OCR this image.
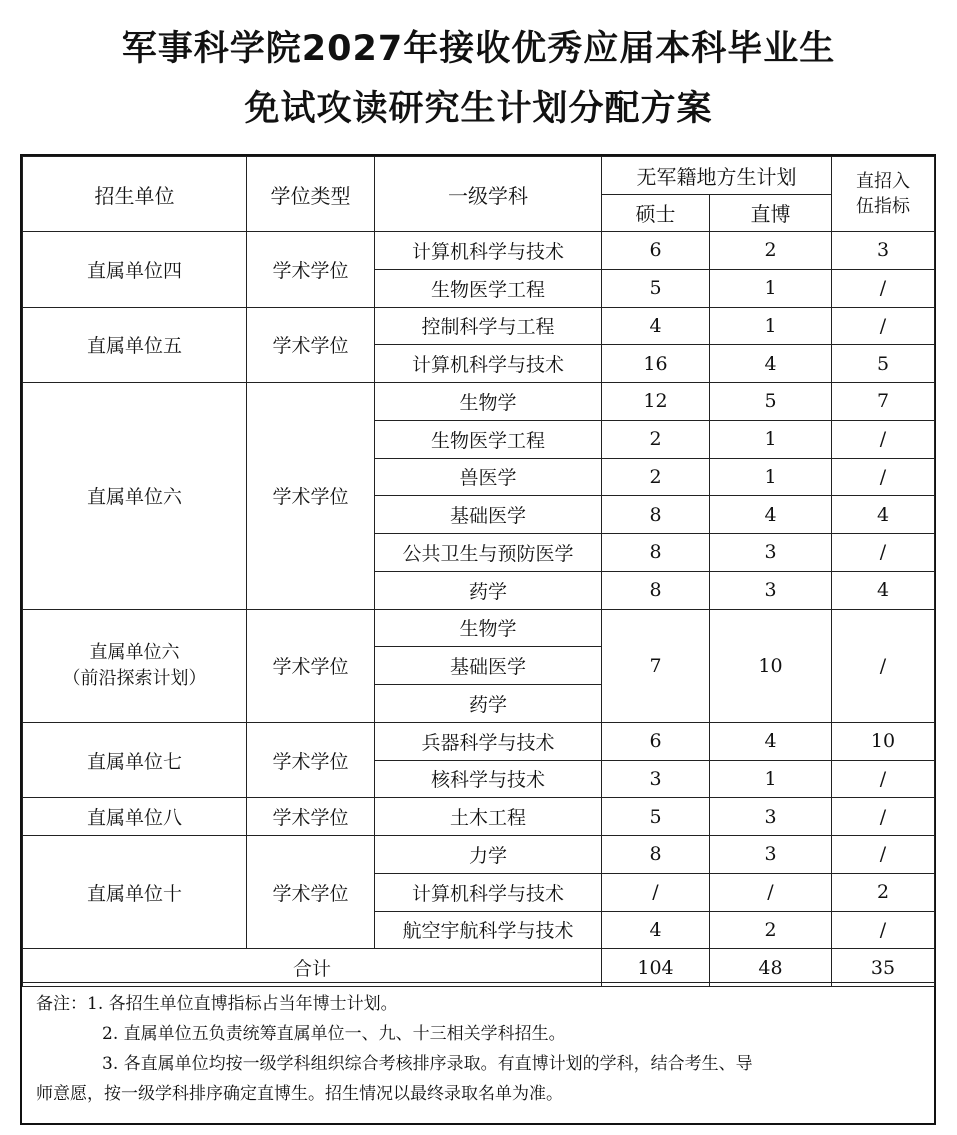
军事科学院2027年接收优秀应届本科毕业生
免试攻读研究生计划分配方案
招生单位	学位类型	一级学科	无军籍地方生计划		直招入
伍指标

			硕士	直博	
直属单位四	学术学位	计算机科学与技术	6	2	3
		生物医学工程	5	1	/
直属单位五	学术学位	控制科学与工程	4	1	/
		计算机科学与技术	16	4	5
直属单位六	学术学位	生物学	12	5	7
		生物医学工程	2	1	/
		兽医学	2	1	/
		基础医学	8	4	4
		公共卫生与预防医学	8	3	/
		药学	8	3	4

直属单位六
（前沿探索计划）	学术学位	生物学	7	10	/
		基础医学			
		药学			
直属单位七	学术学位	兵器科学与技术	6	4	10
		核科学与技术	3	1	/
直属单位八	学术学位	土木工程	5	3	/
直属单位十	学术学位	力学	8	3	/
		计算机科学与技术	/	/	2
		航空宇航科学与技术	4	2	/
合计			104	48	35

备注：1. 各招生单位直博指标占当年博士计划。

2. 直属单位五负责统筹直属单位一、九、十三相关学科招生。

3. 各直属单位均按一级学科组织综合考核排序录取。有直博计划的学科，结合考生、导

师意愿，按一级学科排序确定直博生。招生情况以最终录取名单为准。
